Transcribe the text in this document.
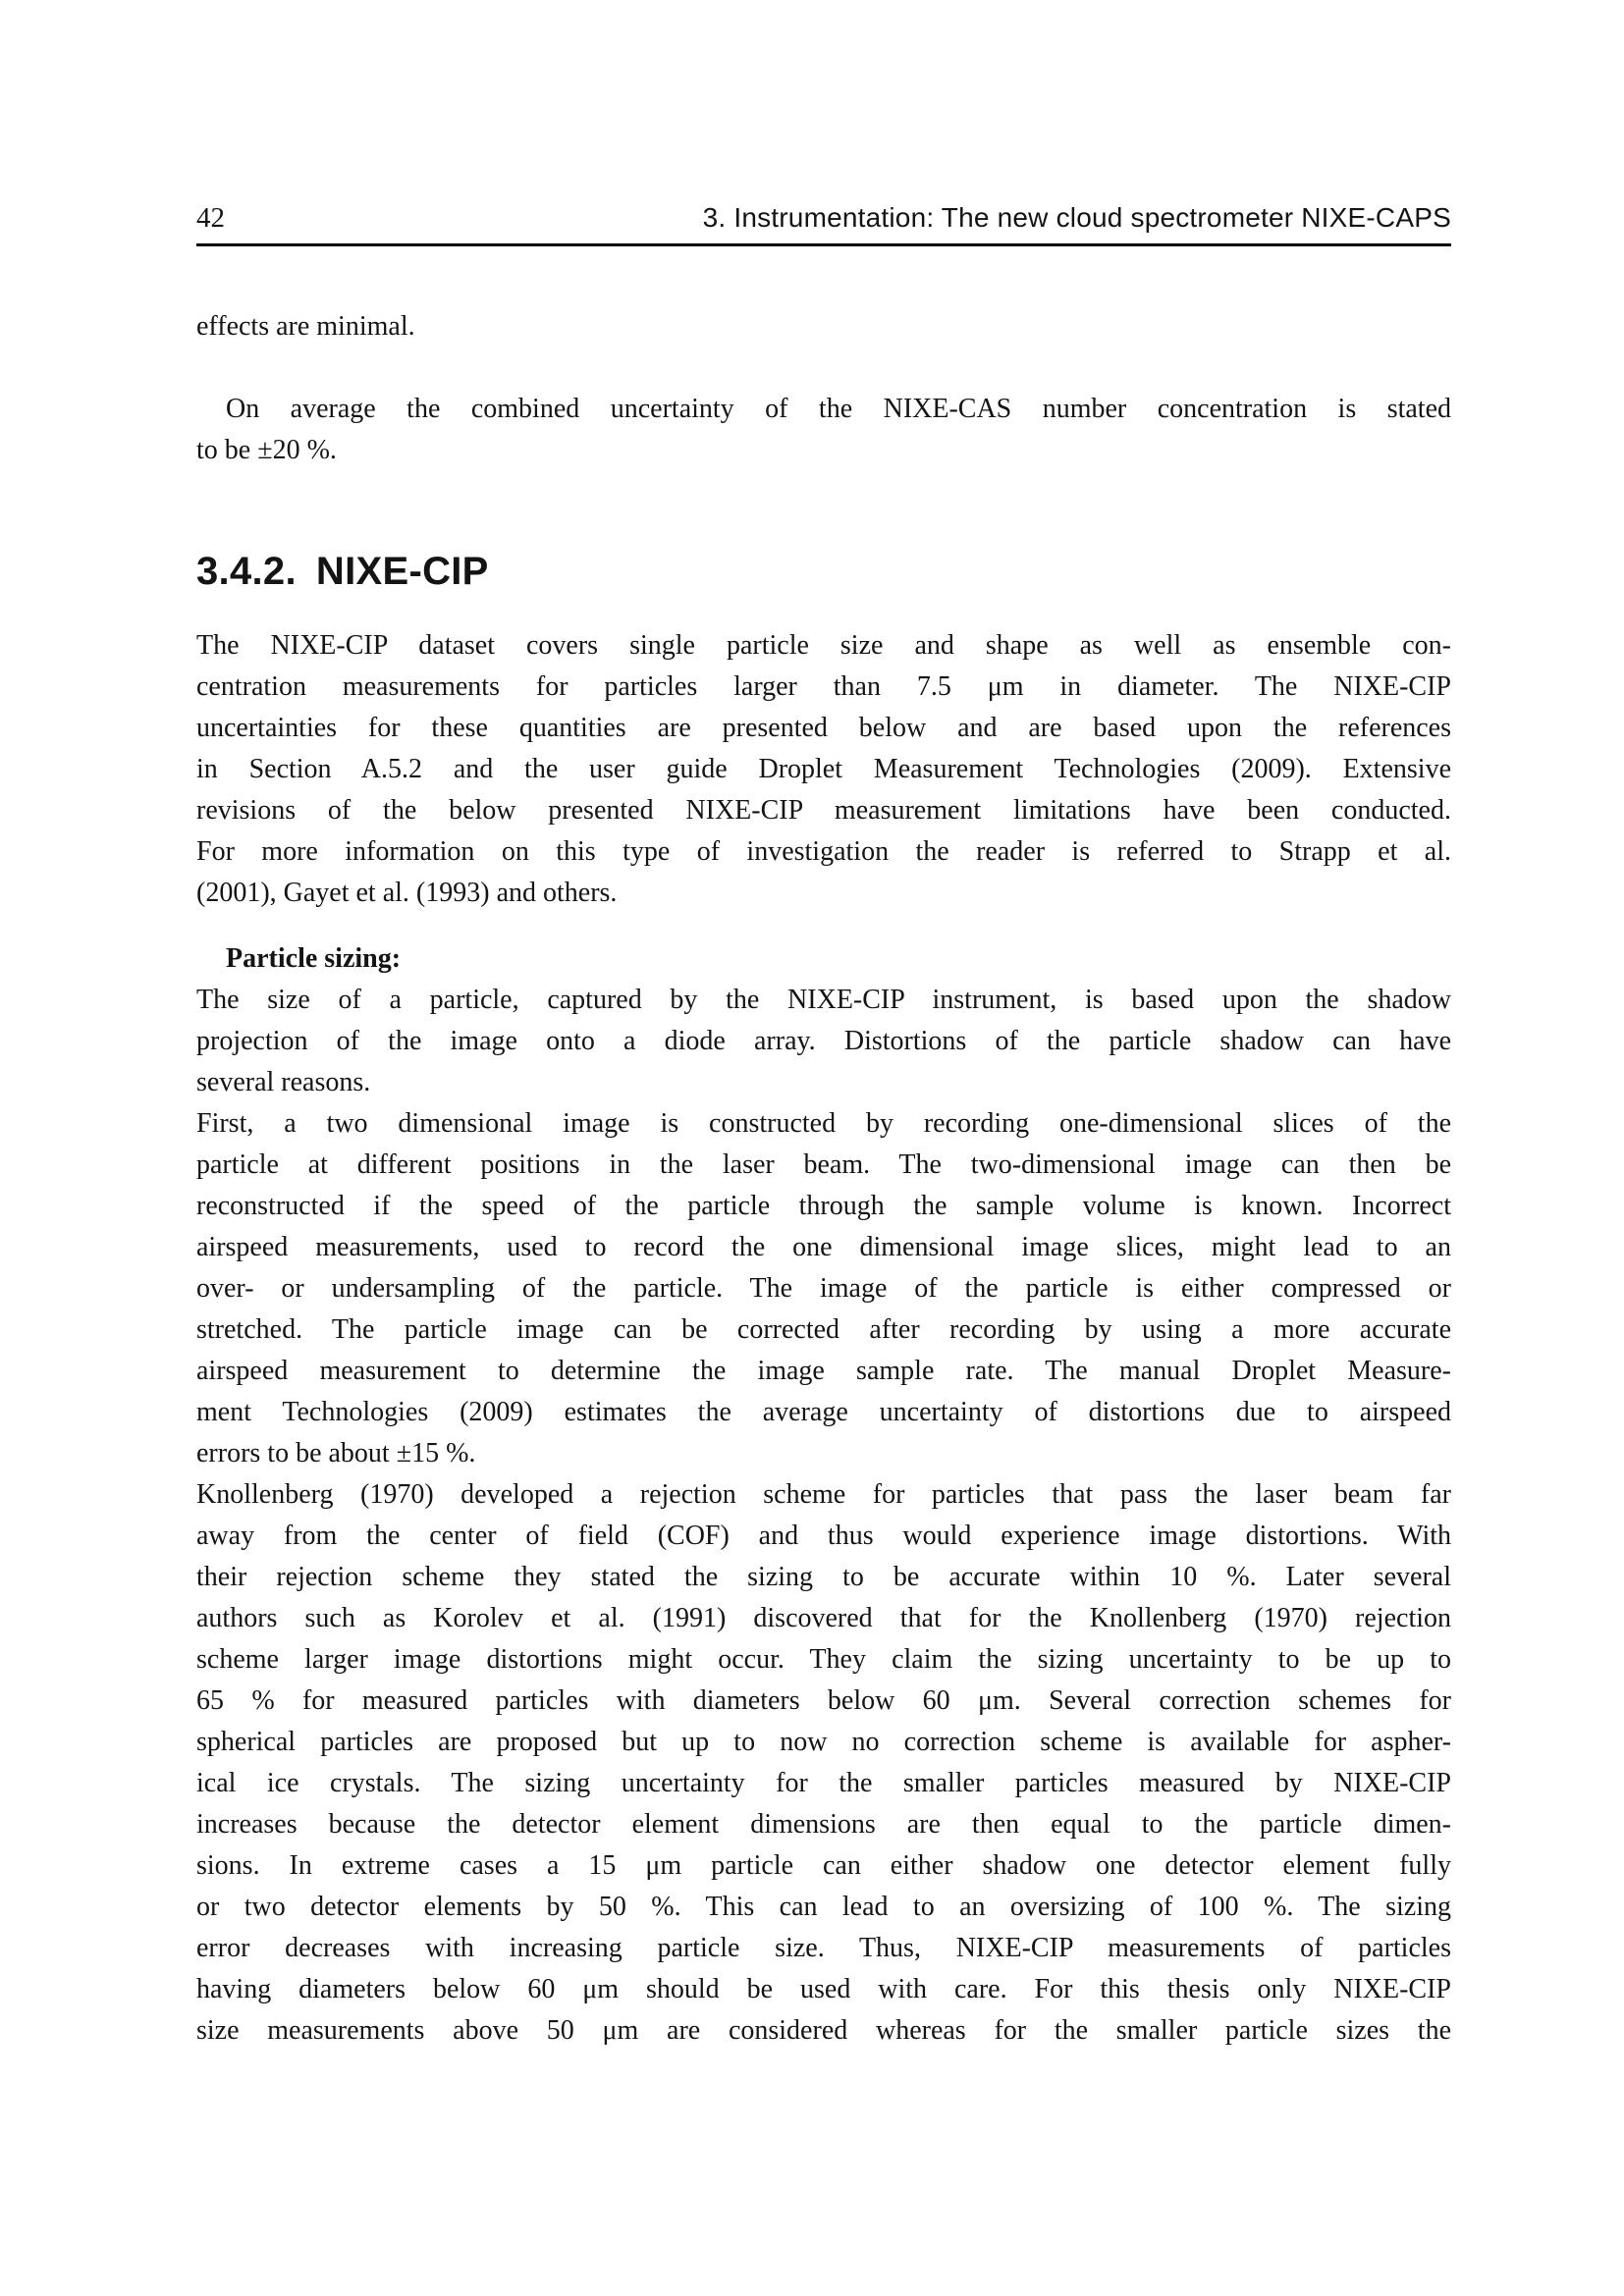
42	3. Instrumentation: The new cloud spectrometer NIXE-CAPS
effects are minimal.
On average the combined uncertainty of the NIXE-CAS number concentration is stated
to be ±20 %.
3.4.2. NIXE-CIP
The NIXE-CIP dataset covers single particle size and shape as well as ensemble con-
centration measurements for particles larger than 7.5 μm in diameter. The NIXE-CIP
uncertainties for these quantities are presented below and are based upon the references
in Section A.5.2 and the user guide Droplet Measurement Technologies (2009). Extensive
revisions of the below presented NIXE-CIP measurement limitations have been conducted.
For more information on this type of investigation the reader is referred to Strapp et al.
(2001), Gayet et al. (1993) and others.
Particle sizing:
The size of a particle, captured by the NIXE-CIP instrument, is based upon the shadow
projection of the image onto a diode array. Distortions of the particle shadow can have
several reasons.
First, a two dimensional image is constructed by recording one-dimensional slices of the
particle at different positions in the laser beam. The two-dimensional image can then be
reconstructed if the speed of the particle through the sample volume is known. Incorrect
airspeed measurements, used to record the one dimensional image slices, might lead to an
over- or undersampling of the particle. The image of the particle is either compressed or
stretched. The particle image can be corrected after recording by using a more accurate
airspeed measurement to determine the image sample rate. The manual Droplet Measure-
ment Technologies (2009) estimates the average uncertainty of distortions due to airspeed
errors to be about ±15 %.
Knollenberg (1970) developed a rejection scheme for particles that pass the laser beam far
away from the center of field (COF) and thus would experience image distortions. With
their rejection scheme they stated the sizing to be accurate within 10 %. Later several
authors such as Korolev et al. (1991) discovered that for the Knollenberg (1970) rejection
scheme larger image distortions might occur. They claim the sizing uncertainty to be up to
65 % for measured particles with diameters below 60 μm. Several correction schemes for
spherical particles are proposed but up to now no correction scheme is available for aspher-
ical ice crystals. The sizing uncertainty for the smaller particles measured by NIXE-CIP
increases because the detector element dimensions are then equal to the particle dimen-
sions. In extreme cases a 15 μm particle can either shadow one detector element fully
or two detector elements by 50 %. This can lead to an oversizing of 100 %. The sizing
error decreases with increasing particle size. Thus, NIXE-CIP measurements of particles
having diameters below 60 μm should be used with care. For this thesis only NIXE-CIP
size measurements above 50 μm are considered whereas for the smaller particle sizes the
